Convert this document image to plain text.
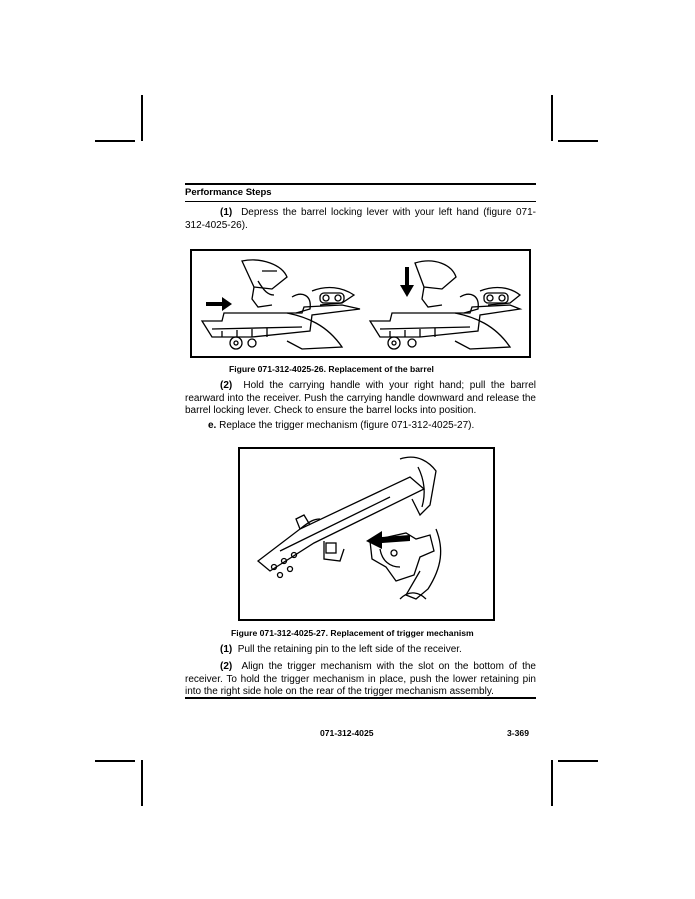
Performance Steps
(1) Depress the barrel locking lever with your left hand (figure 071-312-4025-26).
Figure 071-312-4025-26. Replacement of the barrel
(2) Hold the carrying handle with your right hand; pull the barrel rearward into the receiver. Push the carrying handle downward and release the barrel locking lever. Check to ensure the barrel locks into position.
e. Replace the trigger mechanism (figure 071-312-4025-27).
Figure 071-312-4025-27. Replacement of trigger mechanism
(1) Pull the retaining pin to the left side of the receiver.
(2) Align the trigger mechanism with the slot on the bottom of the receiver. To hold the trigger mechanism in place, push the lower retaining pin into the right side hole on the rear of the trigger mechanism assembly.
071-312-4025	3-369
